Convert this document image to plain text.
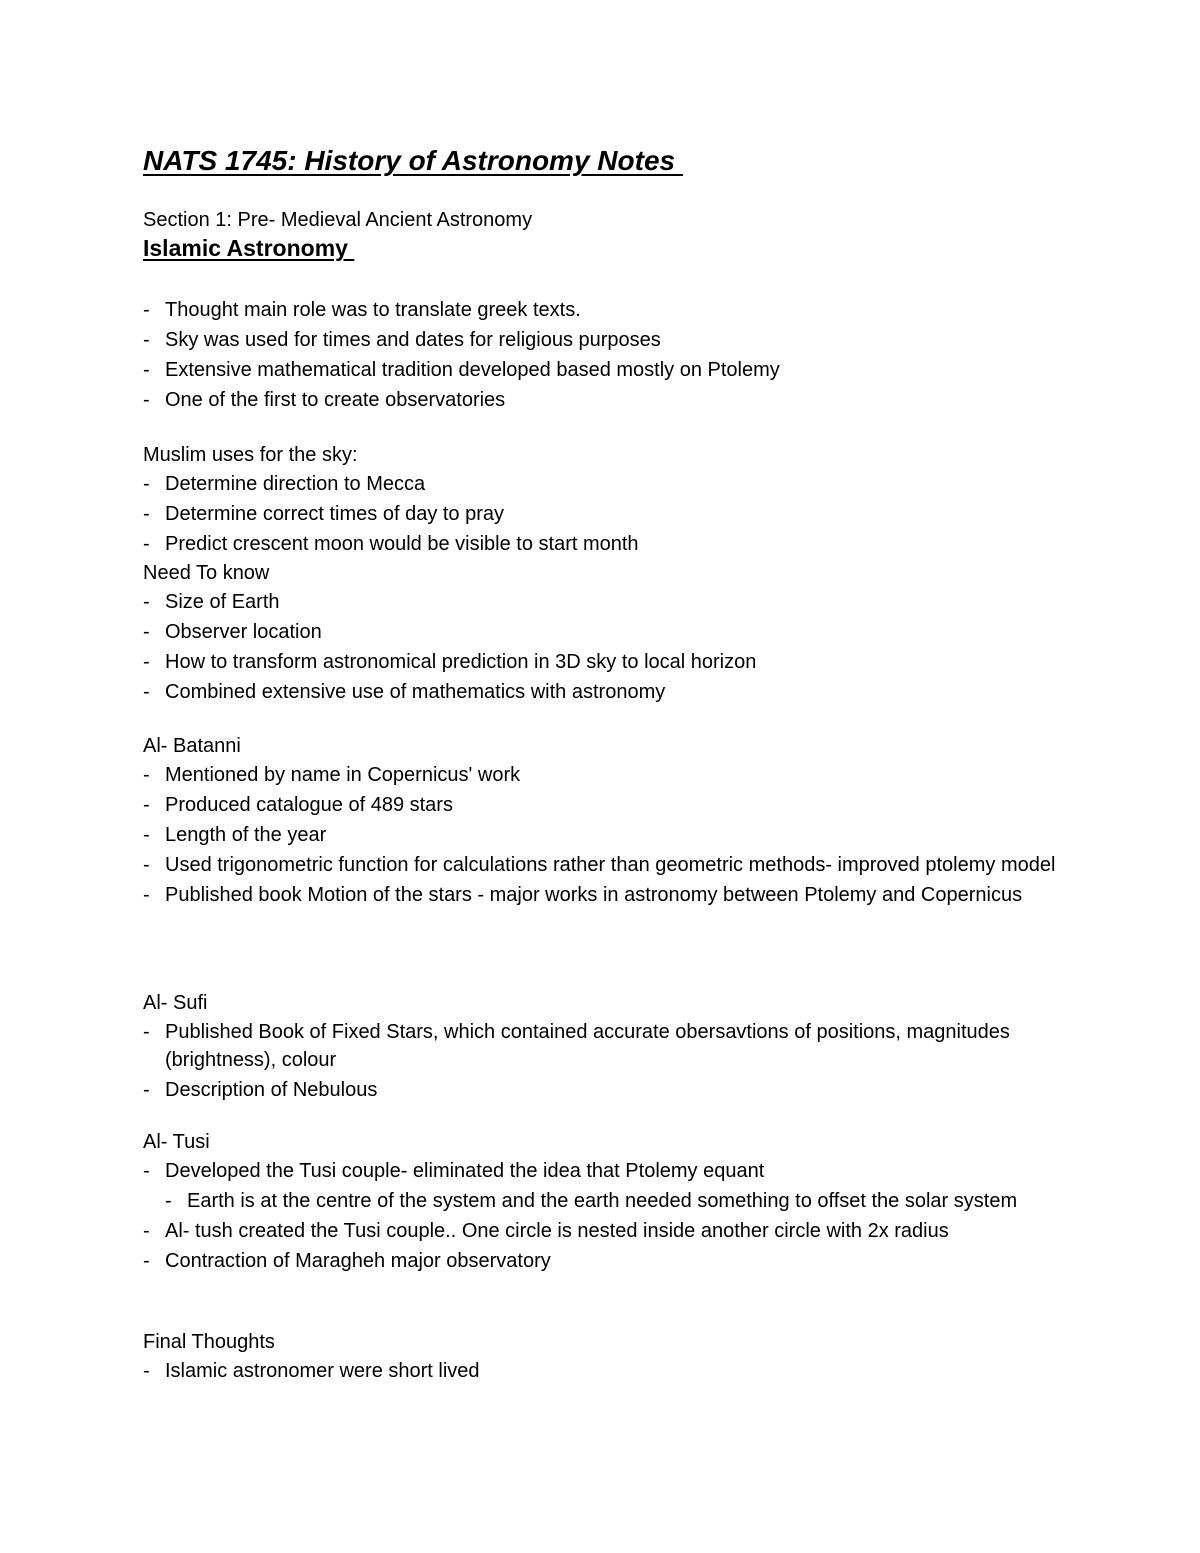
NATS 1745: History of Astronomy Notes
Section 1: Pre- Medieval Ancient Astronomy
Islamic Astronomy
- Thought main role was to translate greek texts.
- Sky was used for times and dates for religious purposes
- Extensive mathematical tradition developed based mostly on Ptolemy
- One of the first to create observatories
Muslim uses for the sky:
- Determine direction to Mecca
- Determine correct times of day to pray
- Predict crescent moon would be visible to start month
Need To know
- Size of Earth
- Observer location
- How to transform astronomical prediction in 3D sky to local horizon
- Combined extensive use of mathematics with astronomy
Al- Batanni
- Mentioned by name in Copernicus' work
- Produced catalogue of 489 stars
- Length of the year
- Used trigonometric function for calculations rather than geometric methods- improved ptolemy model
- Published book Motion of the stars - major works in astronomy between Ptolemy and Copernicus
Al- Sufi
- Published Book of Fixed Stars, which contained accurate obersavtions of positions, magnitudes (brightness), colour
- Description of Nebulous
Al- Tusi
- Developed the Tusi couple- eliminated the idea that Ptolemy equant
- Earth is at the centre of the system and the earth needed something to offset the solar system
- Al- tush created the Tusi couple.. One circle is nested inside another circle with 2x radius
- Contraction of Maragheh major observatory
Final Thoughts
- Islamic astronomer were short lived
